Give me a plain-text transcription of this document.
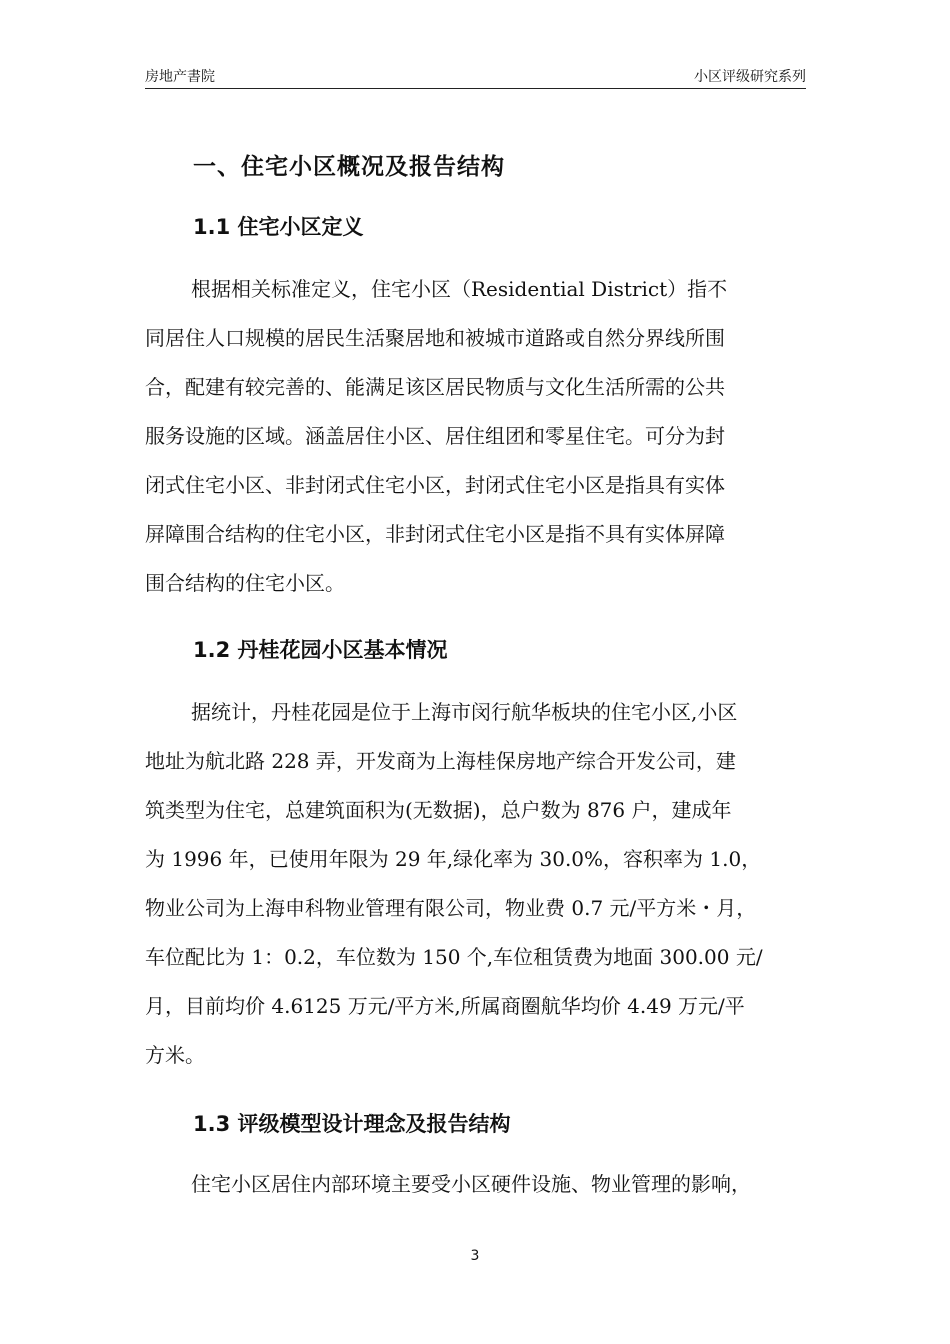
房地产書院	小区评级研究系列
一、住宅小区概况及报告结构
1.1 住宅小区定义
根据相关标准定义，住宅小区（Residential District）指不
同居住人口规模的居民生活聚居地和被城市道路或自然分界线所围
合，配建有较完善的、能满足该区居民物质与文化生活所需的公共
服务设施的区域。涵盖居住小区、居住组团和零星住宅。可分为封
闭式住宅小区、非封闭式住宅小区，封闭式住宅小区是指具有实体
屏障围合结构的住宅小区，非封闭式住宅小区是指不具有实体屏障
围合结构的住宅小区。
1.2 丹桂花园小区基本情况
据统计，丹桂花园是位于上海市闵行航华板块的住宅小区,小区
地址为航北路 228 弄，开发商为上海桂保房地产综合开发公司，建
筑类型为住宅，总建筑面积为(无数据)，总户数为 876 户，建成年
为 1996 年，已使用年限为 29 年,绿化率为 30.0%，容积率为 1.0，
物业公司为上海申科物业管理有限公司，物业费 0.7 元/平方米・月，
车位配比为 1：0.2，车位数为 150 个,车位租赁费为地面 300.00 元/
月，目前均价 4.6125 万元/平方米,所属商圈航华均价 4.49 万元/平
方米。
1.3 评级模型设计理念及报告结构
住宅小区居住内部环境主要受小区硬件设施、物业管理的影响，
3
